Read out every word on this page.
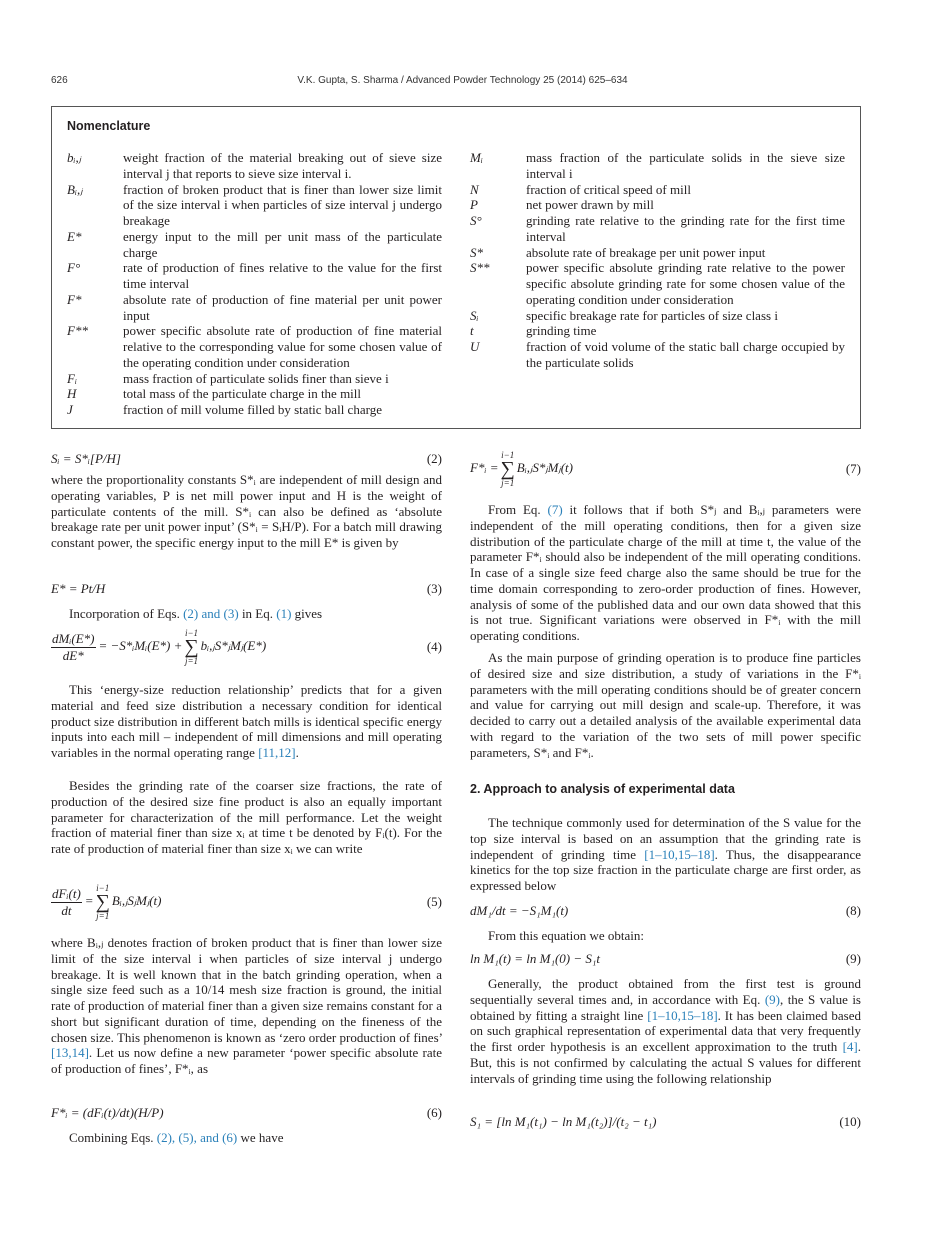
626	V.K. Gupta, S. Sharma / Advanced Powder Technology 25 (2014) 625–634
Nomenclature
bᵢ,ⱼ	weight fraction of the material breaking out of sieve size interval j that reports to sieve size interval i.
Bᵢ,ⱼ	fraction of broken product that is finer than lower size limit of the size interval i when particles of size interval j undergo breakage
E*	energy input to the mill per unit mass of the particulate charge
F°	rate of production of fines relative to the value for the first time interval
F*	absolute rate of production of fine material per unit power input
F**	power specific absolute rate of production of fine material relative to the corresponding value for some chosen value of the operating condition under consideration
Fᵢ	mass fraction of particulate solids finer than sieve i
H	total mass of the particulate charge in the mill
J	fraction of mill volume filled by static ball charge
Mᵢ	mass fraction of the particulate solids in the sieve size interval i
N	fraction of critical speed of mill
P	net power drawn by mill
S°	grinding rate relative to the grinding rate for the first time interval
S*	absolute rate of breakage per unit power input
S**	power specific absolute grinding rate relative to the power specific absolute grinding rate for some chosen value of the operating condition under consideration
Sᵢ	specific breakage rate for particles of size class i
t	grinding time
U	fraction of void volume of the static ball charge occupied by the particulate solids
Sᵢ = S*ᵢ[P/H]	(2)

where the proportionality constants S*ᵢ are independent of mill design and operating variables, P is net mill power input and H is the weight of particulate contents of the mill. S*ᵢ can also be defined as ‘absolute breakage rate per unit power input’ (S*ᵢ = SᵢH/P). For a batch mill drawing constant power, the specific energy input to the mill E* is given by

E* = Pt/H	(3)

Incorporation of Eqs. (2) and (3) in Eq. (1) gives

$\frac{\text{dMᵢ(E*)}}{dE*}$ = −S*ᵢMᵢ(E*) +
i−1
∑
j=1
bᵢ,ⱼS*ⱼMⱼ(E*)	(4)

This ‘energy-size reduction relationship’ predicts that for a given material and feed size distribution a necessary condition for identical product size distribution in different batch mills is identical specific energy inputs into each mill – independent of mill dimensions and mill operating variables in the normal operating range [11,12].

Besides the grinding rate of the coarser size fractions, the rate of production of the desired size fine product is also an equally important parameter for characterization of the mill performance. Let the weight fraction of material finer than size xᵢ at time t be denoted by Fᵢ(t). For the rate of production of material finer than size xᵢ we can write

$\frac{\text{dFᵢ(t)}}{dt}$ =
i−1
∑
j=1
Bᵢ,ⱼSⱼMⱼ(t)	(5)

where Bᵢ,ⱼ denotes fraction of broken product that is finer than lower size limit of the size interval i when particles of size interval j undergo breakage. It is well known that in the batch grinding operation, when a single size feed such as a 10/14 mesh size fraction is ground, the initial rate of production of material finer than a given size remains constant for a short but significant duration of time, depending on the fineness of the chosen size. This phenomenon is known as ‘zero order production of fines’ [13,14]. Let us now define a new parameter ‘power specific absolute rate of production of fines’, F*ᵢ, as

F*ᵢ = (dFᵢ(t)/dt)(H/P)	(6)

Combining Eqs. (2), (5), and (6) we have

F*ᵢ =
i−1
∑
j=1
Bᵢ,ⱼS*ⱼMⱼ(t)	(7)

From Eq. (7) it follows that if both S*ⱼ and Bᵢ,ⱼ parameters were independent of the mill operating conditions, then for a given size distribution of the particulate charge of the mill at time t, the value of the parameter F*ᵢ should also be independent of the mill operating conditions. In case of a single size feed charge also the same should be true for the time domain corresponding to zero-order production of fines. However, analysis of some of the published data and our own data showed that this is not true. Significant variations were observed in F*ᵢ with the mill operating conditions.

As the main purpose of grinding operation is to produce fine particles of desired size and size distribution, a study of variations in the F*ᵢ parameters with the mill operating conditions should be of greater concern and value for carrying out mill design and scale-up. Therefore, it was decided to carry out a detailed analysis of the available experimental data with regard to the variation of the two sets of mill power specific parameters, S*ᵢ and F*ᵢ.

2. Approach to analysis of experimental data

The technique commonly used for determination of the S value for the top size interval is based on an assumption that the grinding rate is independent of grinding time [1–10,15–18]. Thus, the disappearance kinetics for the top size fraction in the particulate charge are first order, as expressed below

dM₁/dt = −S₁M₁(t)	(8)

From this equation we obtain:

ln M₁(t) = ln M₁(0) − S₁t	(9)

Generally, the product obtained from the first test is ground sequentially several times and, in accordance with Eq. (9), the S value is obtained by fitting a straight line [1–10,15–18]. It has been claimed based on such graphical representation of experimental data that very frequently the first order hypothesis is an excellent approximation to the truth [4]. But, this is not confirmed by calculating the actual S values for different intervals of grinding time using the following relationship

S₁ = [ln M₁(t₁) − ln M₁(t₂)]/(t₂ − t₁)	(10)
